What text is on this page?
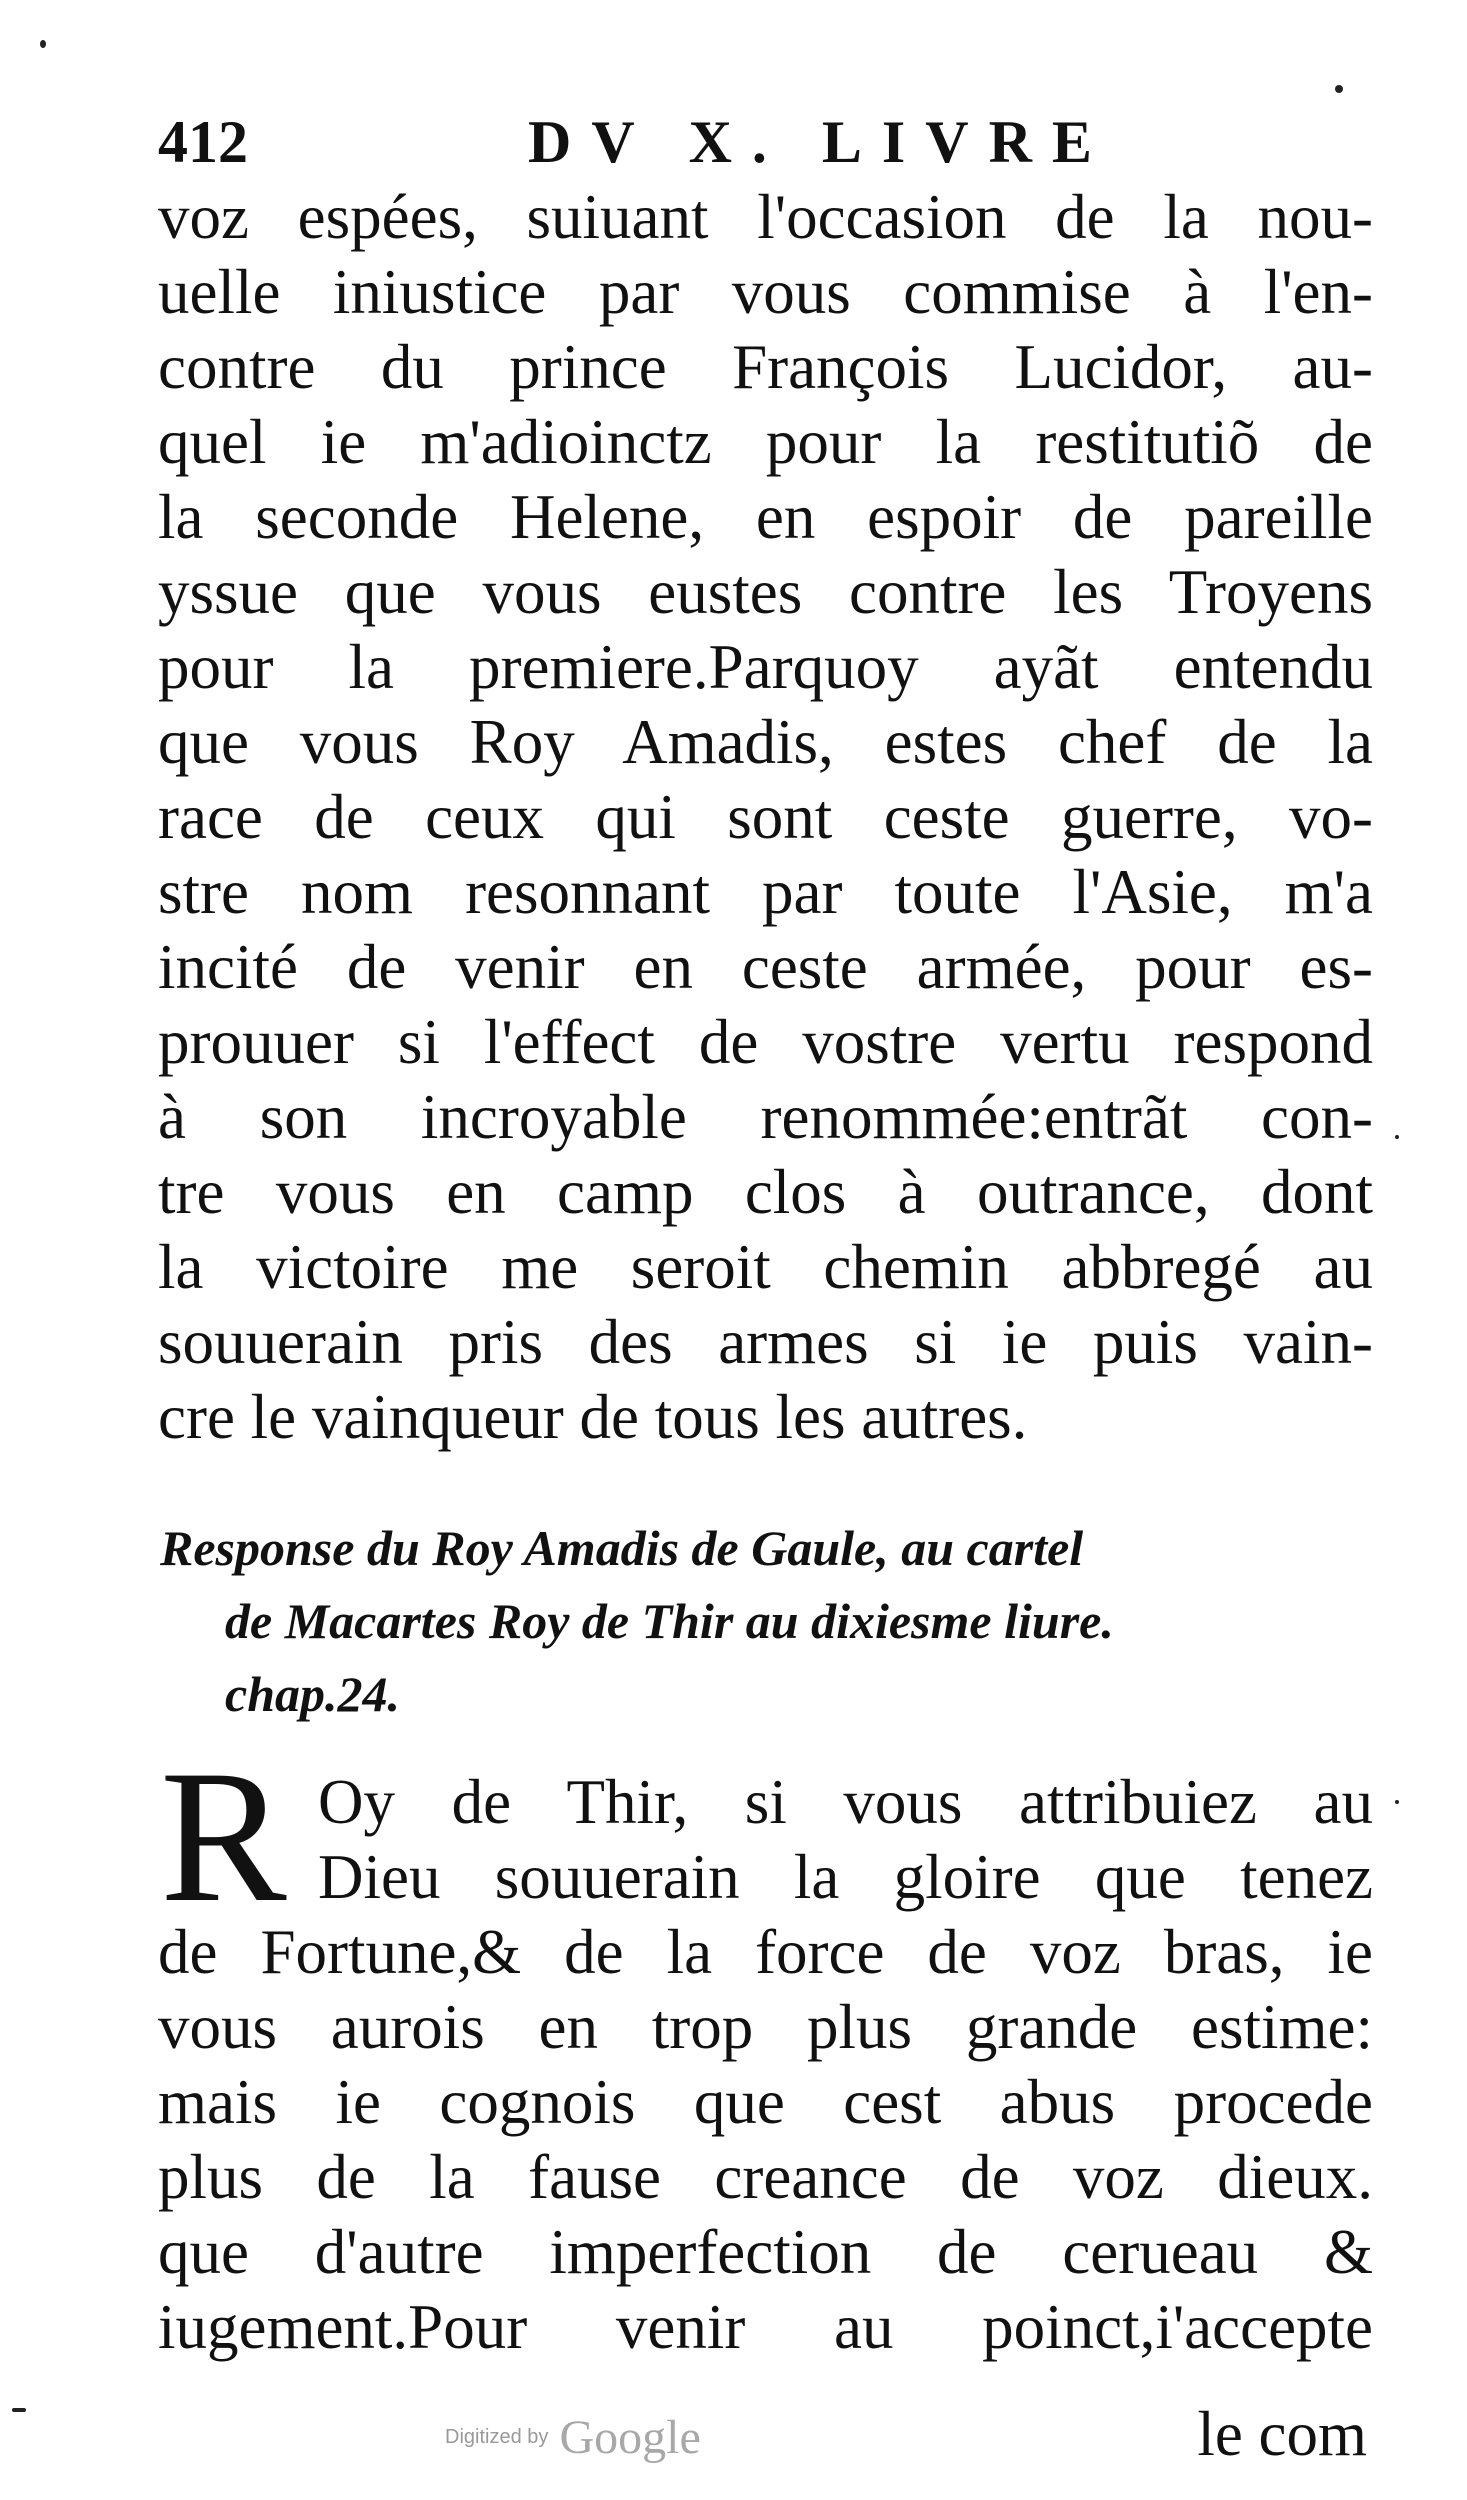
412	DV X. LIVRE
voz espées, suiuant l'occasion de la nou-
uelle iniustice par vous commise à l'en-
contre du prince François Lucidor, au-
quel ie m'adioinctz pour la restitutiõ de
la seconde Helene, en espoir de pareille
yssue que vous eustes contre les Troyens
pour la premiere.Parquoy ayãt entendu
que vous Roy Amadis, estes chef de la
race de ceux qui sont ceste guerre, vo-
stre nom resonnant par toute l'Asie, m'a
incité de venir en ceste armée, pour es-
prouuer si l'effect de vostre vertu respond
à son incroyable renommée:entrãt con-
tre vous en camp clos à outrance, dont
la victoire me seroit chemin abbregé au
souuerain pris des armes si ie puis vain-
cre le vainqueur de tous les autres.
Response du Roy Amadis de Gaule, au cartel
de Macartes Roy de Thir au dixiesme liure.
chap.24.
R Oy de Thir, si vous attribuiez au
Dieu souuerain la gloire que tenez
de Fortune,& de la force de voz bras, ie
vous aurois en trop plus grande estime:
mais ie cognois que cest abus procede
plus de la fause creance de voz dieux.
que d'autre imperfection de cerueau &
iugement.Pour venir au poinct,i'accepte
le com
Digitized by Google
